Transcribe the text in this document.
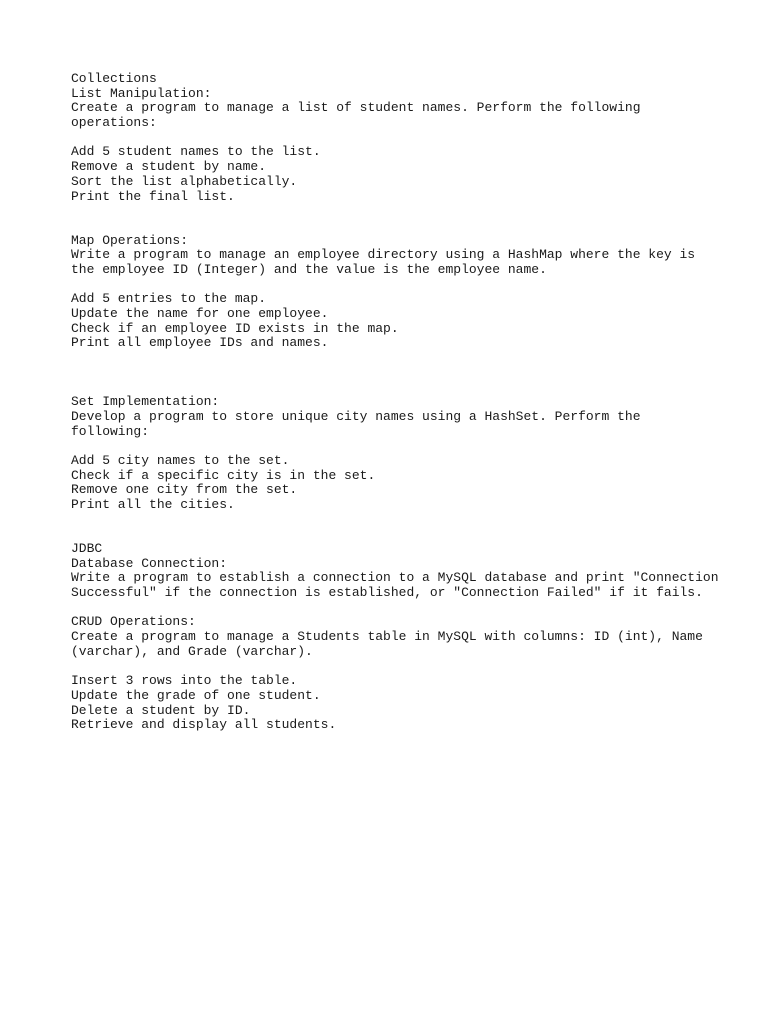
Collections
List Manipulation:
Create a program to manage a list of student names. Perform the following
operations:
Add 5 student names to the list.
Remove a student by name.
Sort the list alphabetically.
Print the final list.
Map Operations:
Write a program to manage an employee directory using a HashMap where the key is
the employee ID (Integer) and the value is the employee name.
Add 5 entries to the map.
Update the name for one employee.
Check if an employee ID exists in the map.
Print all employee IDs and names.
Set Implementation:
Develop a program to store unique city names using a HashSet. Perform the
following:
Add 5 city names to the set.
Check if a specific city is in the set.
Remove one city from the set.
Print all the cities.
JDBC
Database Connection:
Write a program to establish a connection to a MySQL database and print "Connection
Successful" if the connection is established, or "Connection Failed" if it fails.
CRUD Operations:
Create a program to manage a Students table in MySQL with columns: ID (int), Name
(varchar), and Grade (varchar).
Insert 3 rows into the table.
Update the grade of one student.
Delete a student by ID.
Retrieve and display all students.
